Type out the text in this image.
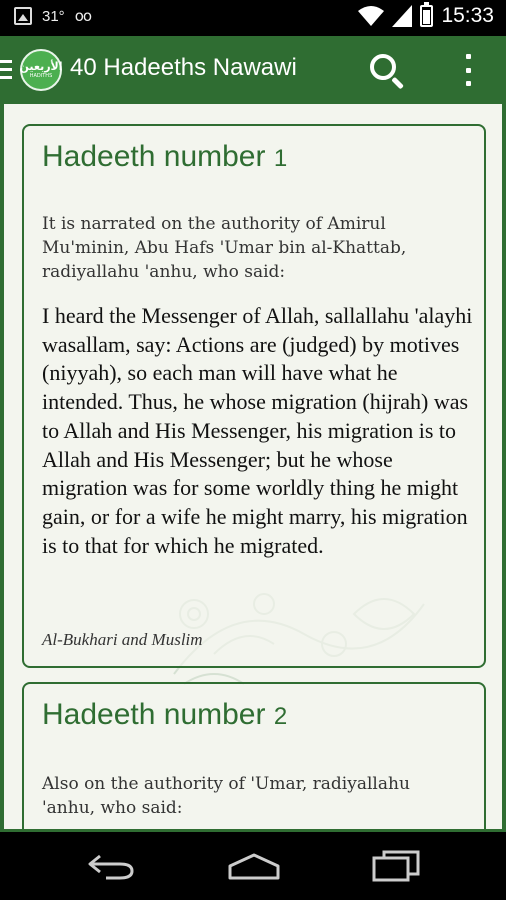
31° oo	15:33
الأربعين
HADITHS 40 Hadeeths Nawawi
Hadeeth number 1
It is narrated on the authority of Amirul Mu'minin, Abu Hafs 'Umar bin al-Khattab, radiyallahu 'anhu, who said:
I heard the Messenger of Allah, sallallahu 'alayhi wasallam, say: Actions are (judged) by motives (niyyah), so each man will have what he intended. Thus, he whose migration (hijrah) was to Allah and His Messenger, his migration is to Allah and His Messenger; but he whose migration was for some worldly thing he might gain, or for a wife he might marry, his migration is to that for which he migrated.
Al-Bukhari and Muslim
Hadeeth number 2
Also on the authority of 'Umar, radiyallahu 'anhu, who said:
